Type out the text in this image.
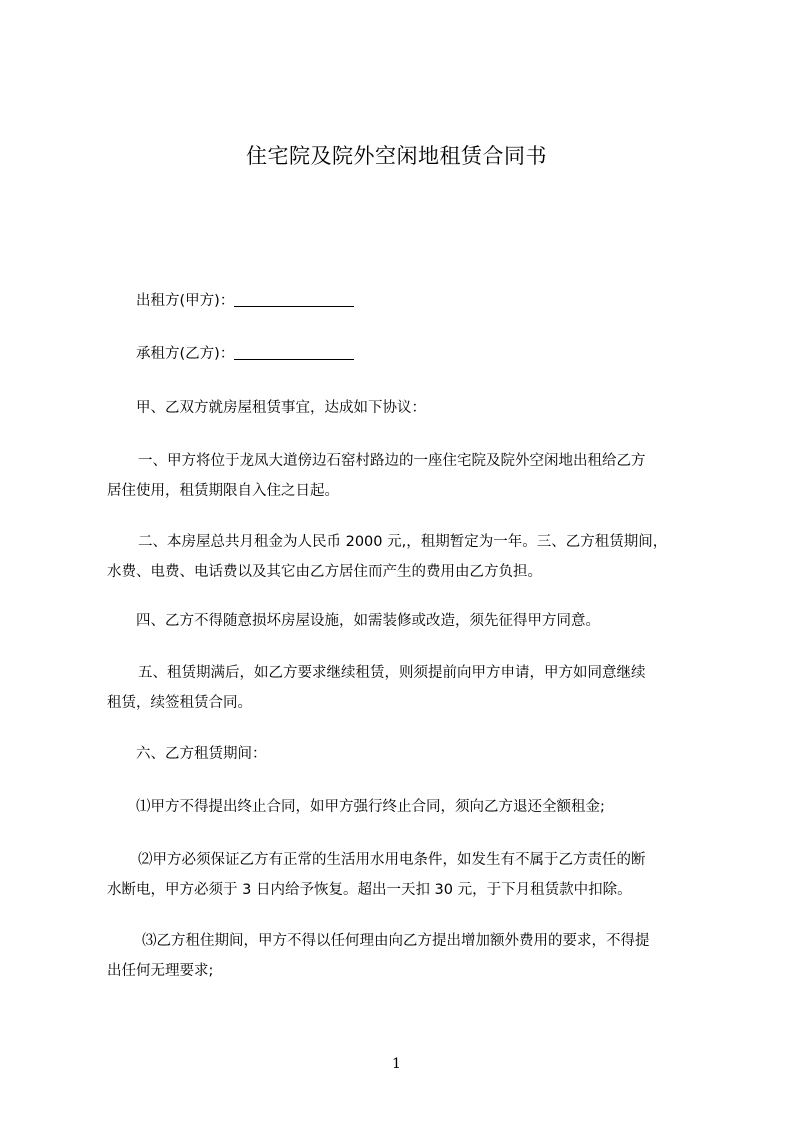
住宅院及院外空闲地租赁合同书
出租方(甲方)：
承租方(乙方)：
甲、乙双方就房屋租赁事宜，达成如下协议：
一、甲方将位于龙凤大道傍边石窑村路边的一座住宅院及院外空闲地出租给乙方
居住使用，租赁期限自入住之日起。
二、本房屋总共月租金为人民币 2000 元,，租期暂定为一年。三、乙方租赁期间，
水费、电费、电话费以及其它由乙方居住而产生的费用由乙方负担。
四、乙方不得随意损坏房屋设施，如需装修或改造，须先征得甲方同意。
五、租赁期满后，如乙方要求继续租赁，则须提前向甲方申请，甲方如同意继续
租赁，续签租赁合同。
六、乙方租赁期间：
⑴甲方不得提出终止合同，如甲方强行终止合同，须向乙方退还全额租金;
⑵甲方必须保证乙方有正常的生活用水用电条件，如发生有不属于乙方责任的断
水断电，甲方必须于 3 日内给予恢复。超出一天扣 30 元，于下月租赁款中扣除。
⑶乙方租住期间，甲方不得以任何理由向乙方提出增加额外费用的要求，不得提
出任何无理要求;
1
